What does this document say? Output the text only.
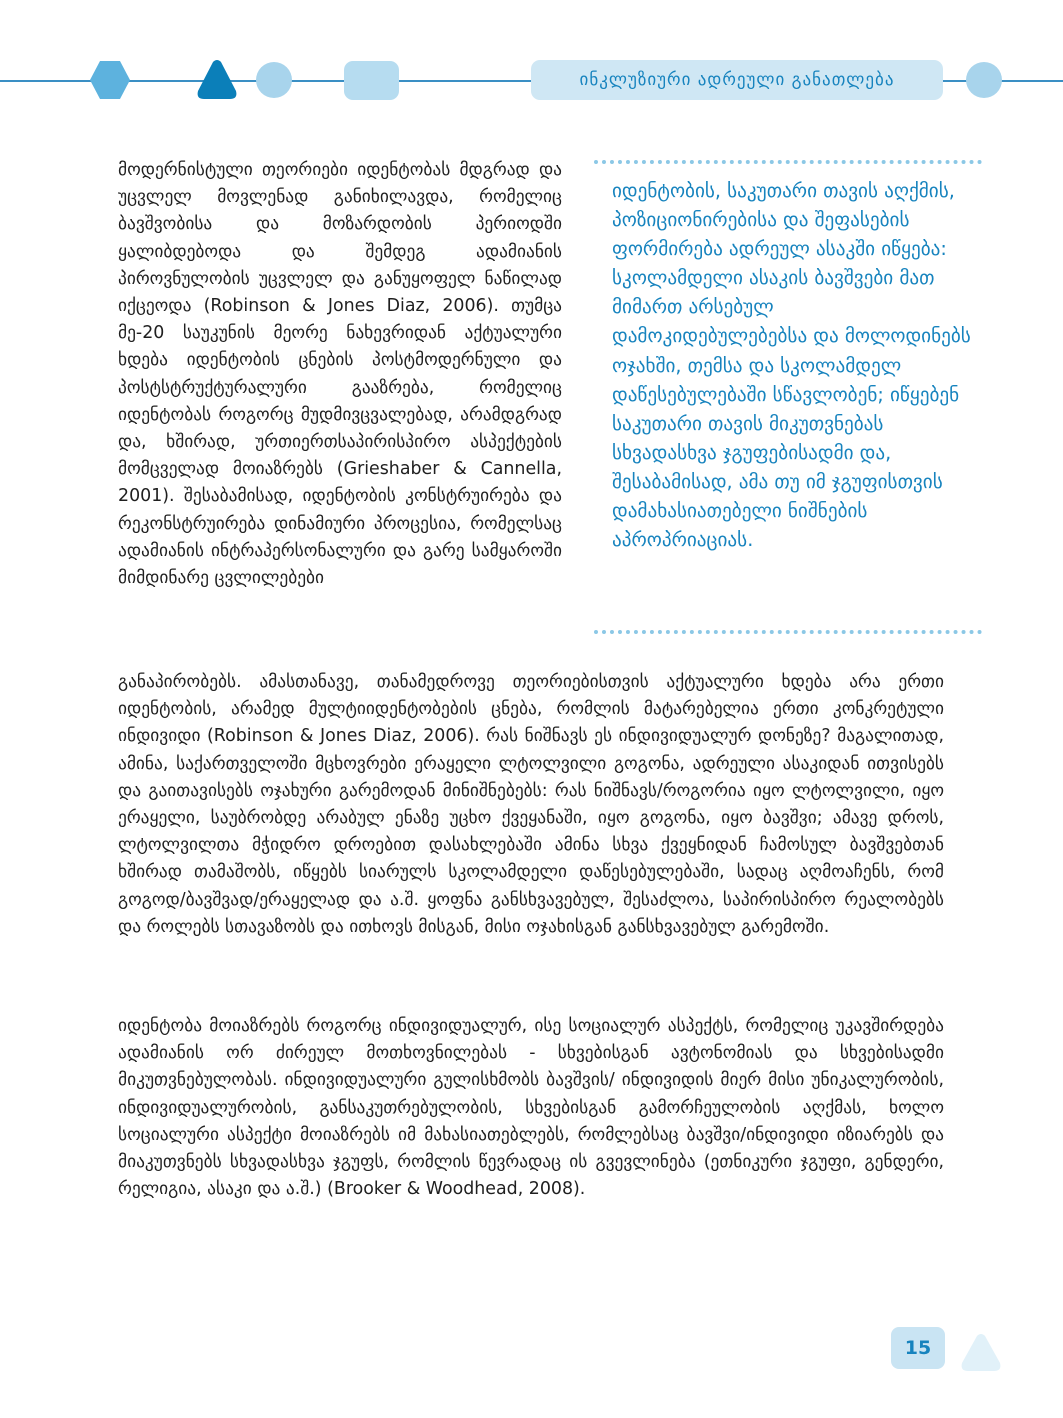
ინკლუზიური ადრეული განათლება
მოდერნისტული თეორიები იდენტობას მდგრად და უცვლელ მოვლენად განიხილავდა, რომელიც ბავშვობისა და მოზარდობის პერიოდში ყალიბდებოდა და შემდეგ ადამიანის პიროვნულობის უცვლელ და განუყოფელ ნაწილად იქცეოდა (Robinson & Jones Diaz, 2006). თუმცა მე-20 საუკუნის მეორე ნახევრიდან აქტუალური ხდება იდენტობის ცნების პოსტმოდერნული და პოსტსტრუქტურალური გააზრება, რომელიც იდენტობას როგორც მუდმივცვალებად, არამდგრად და, ხშირად, ურთიერთსაპირისპირო ასპექტების მომცველად მოიაზრებს (Grieshaber & Cannella, 2001). შესაბამისად, იდენტობის კონსტრუირება და რეკონსტრუირება დინამიური პროცესია, რომელსაც ადამიანის ინტრაპერსონალური და გარე სამყაროში მიმდინარე ცვლილებები
იდენტობის, საკუთარი თავის აღქმის, პოზიციონირებისა და შეფასების ფორმირება ადრეულ ასაკში იწყება: სკოლამდელი ასაკის ბავშვები მათ მიმართ არსებულ დამოკიდებულებებსა და მოლოდინებს ოჯახში, თემსა და სკოლამდელ დაწესებულებაში სწავლობენ; იწყებენ საკუთარი თავის მიკუთვნებას სხვადასხვა ჯგუფებისადმი და, შესაბამისად, ამა თუ იმ ჯგუფისთვის დამახასიათებელი ნიშნების აპროპრიაციას.
განაპირობებს. ამასთანავე, თანამედროვე თეორიებისთვის აქტუალური ხდება არა ერთი იდენტობის, არამედ მულტიიდენტობების ცნება, რომლის მატარებელია ერთი კონკრეტული ინდივიდი (Robinson & Jones Diaz, 2006). რას ნიშნავს ეს ინდივიდუალურ დონეზე? მაგალითად, ამინა, საქართველოში მცხოვრები ერაყელი ლტოლვილი გოგონა, ადრეული ასაკიდან ითვისებს და გაითავისებს ოჯახური გარემოდან მინიშნებებს: რას ნიშნავს/როგორია იყო ლტოლვილი, იყო ერაყელი, საუბრობდე არაბულ ენაზე უცხო ქვეყანაში, იყო გოგონა, იყო ბავშვი; ამავე დროს, ლტოლვილთა მჭიდრო დროებით დასახლებაში ამინა სხვა ქვეყნიდან ჩამოსულ ბავშვებთან ხშირად თამაშობს, იწყებს სიარულს სკოლამდელი დაწესებულებაში, სადაც აღმოაჩენს, რომ გოგოდ/ბავშვად/ერაყელად და ა.შ. ყოფნა განსხვავებულ, შესაძლოა, საპირისპირო რეალობებს და როლებს სთავაზობს და ითხოვს მისგან, მისი ოჯახისგან განსხვავებულ გარემოში.
იდენტობა მოიაზრებს როგორც ინდივიდუალურ, ისე სოციალურ ასპექტს, რომელიც უკავშირდება ადამიანის ორ ძირეულ მოთხოვნილებას - სხვებისგან ავტონომიას და სხვებისადმი მიკუთვნებულობას. ინდივიდუალური გულისხმობს ბავშვის/ ინდივიდის მიერ მისი უნიკალურობის, ინდივიდუალურობის, განსაკუთრებულობის, სხვებისგან გამორჩეულობის აღქმას, ხოლო სოციალური ასპექტი მოიაზრებს იმ მახასიათებლებს, რომლებსაც ბავშვი/ინდივიდი იზიარებს და მიაკუთვნებს სხვადასხვა ჯგუფს, რომლის წევრადაც ის გვევლინება (ეთნიკური ჯგუფი, გენდერი, რელიგია, ასაკი და ა.შ.) (Brooker & Woodhead, 2008).
15
